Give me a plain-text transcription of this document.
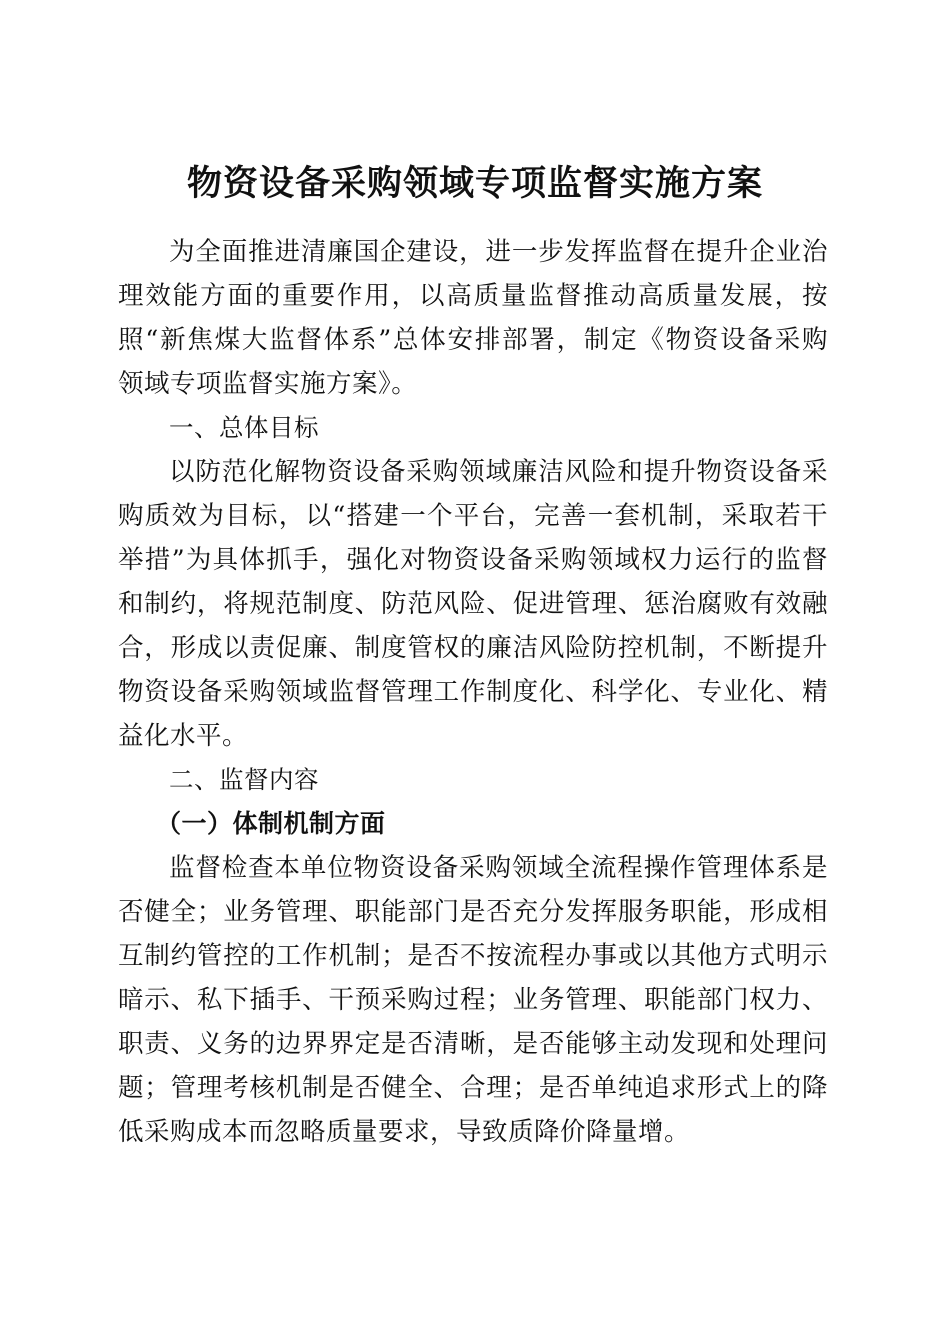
物资设备采购领域专项监督实施方案

为全面推进清廉国企建设，进一步发挥监督在提升企业治
理效能方面的重要作用，以高质量监督推动高质量发展，按
照“新焦煤大监督体系”总体安排部署，制定《物资设备采购
领域专项监督实施方案》。

一、总体目标

以防范化解物资设备采购领域廉洁风险和提升物资设备采
购质效为目标，以“搭建一个平台，完善一套机制，采取若干
举措”为具体抓手，强化对物资设备采购领域权力运行的监督
和制约，将规范制度、防范风险、促进管理、惩治腐败有效融
合，形成以责促廉、制度管权的廉洁风险防控机制，不断提升
物资设备采购领域监督管理工作制度化、科学化、专业化、精
益化水平。

二、监督内容
（一）体制机制方面

监督检查本单位物资设备采购领域全流程操作管理体系是
否健全；业务管理、职能部门是否充分发挥服务职能，形成相
互制约管控的工作机制；是否不按流程办事或以其他方式明示
暗示、私下插手、干预采购过程；业务管理、职能部门权力、
职责、义务的边界界定是否清晰，是否能够主动发现和处理问
题；管理考核机制是否健全、合理；是否单纯追求形式上的降
低采购成本而忽略质量要求，导致质降价降量增。
